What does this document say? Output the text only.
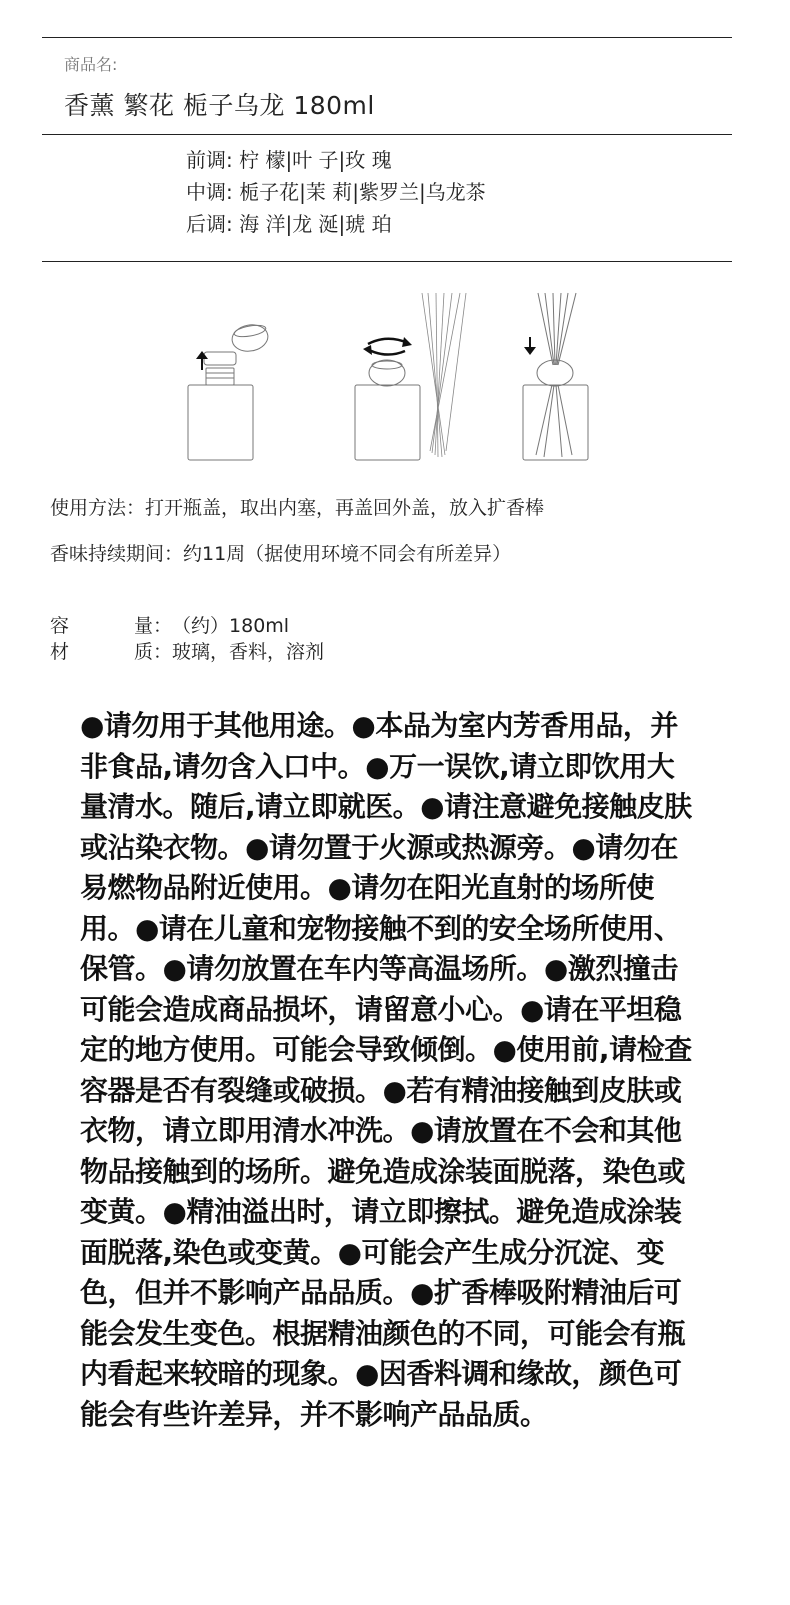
商品名:
香薰 繁花 栀子乌龙 180ml
前调: 柠 檬|叶 子|玫 瑰
中调: 栀子花|茉 莉|紫罗兰|乌龙茶
后调: 海 洋|龙 涎|琥 珀
使用方法：打开瓶盖，取出内塞，再盖回外盖，放入扩香棒
香味持续期间：约11周（据使用环境不同会有所差异）
容	量：（约）180ml
材	质：玻璃，香料，溶剂
●请勿用于其他用途。●本品为室内芳香用品，并非食品,请勿含入口中。●万一误饮,请立即饮用大量清水。随后,请立即就医。●请注意避免接触皮肤或沾染衣物。●请勿置于火源或热源旁。●请勿在易燃物品附近使用。●请勿在阳光直射的场所使用。●请在儿童和宠物接触不到的安全场所使用、保管。●请勿放置在车内等高温场所。●激烈撞击可能会造成商品损坏，请留意小心。●请在平坦稳定的地方使用。可能会导致倾倒。●使用前,请检查容器是否有裂缝或破损。●若有精油接触到皮肤或衣物，请立即用清水冲洗。●请放置在不会和其他物品接触到的场所。避免造成涂装面脱落，染色或变黄。●精油溢出时，请立即擦拭。避免造成涂装面脱落,染色或变黄。●可能会产生成分沉淀、变色，但并不影响产品品质。●扩香棒吸附精油后可能会发生变色。根据精油颜色的不同，可能会有瓶内看起来较暗的现象。●因香料调和缘故，颜色可能会有些许差异，并不影响产品品质。
